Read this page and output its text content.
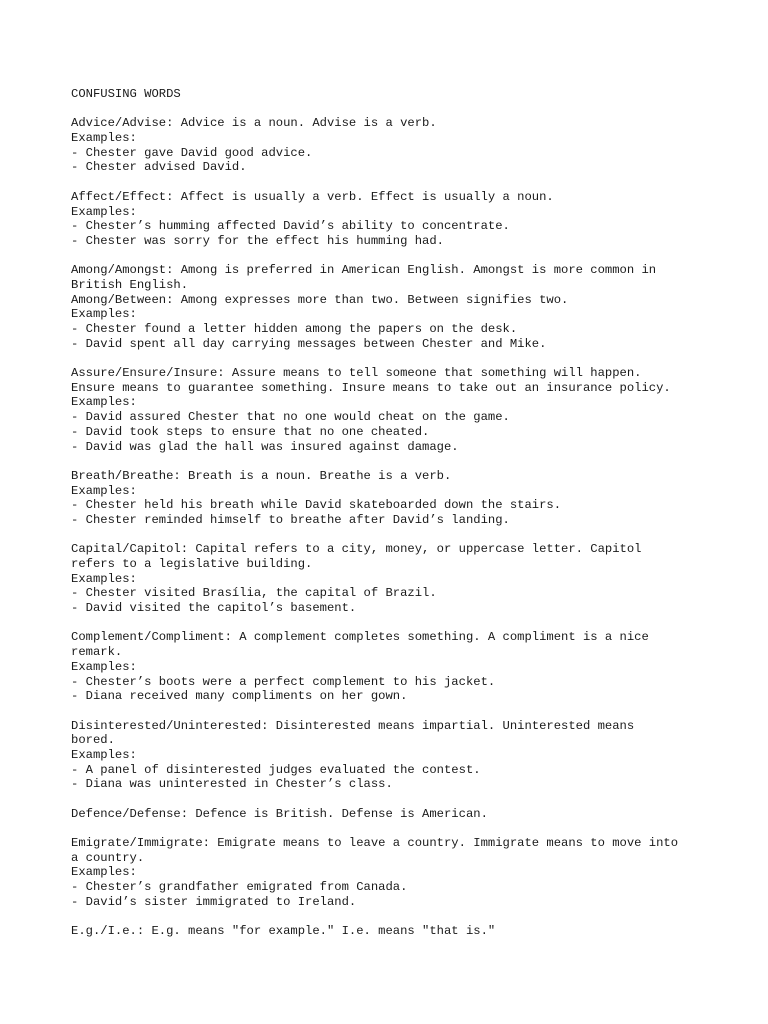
CONFUSING WORDS
Advice/Advise: Advice is a noun. Advise is a verb.
Examples:
- Chester gave David good advice.
- Chester advised David.
Affect/Effect: Affect is usually a verb. Effect is usually a noun.
Examples:
- Chester’s humming affected David’s ability to concentrate.
- Chester was sorry for the effect his humming had.
Among/Amongst: Among is preferred in American English. Amongst is more common in
British English.
Among/Between: Among expresses more than two. Between signifies two.
Examples:
- Chester found a letter hidden among the papers on the desk.
- David spent all day carrying messages between Chester and Mike.
Assure/Ensure/Insure: Assure means to tell someone that something will happen.
Ensure means to guarantee something. Insure means to take out an insurance policy.
Examples:
- David assured Chester that no one would cheat on the game.
- David took steps to ensure that no one cheated.
- David was glad the hall was insured against damage.
Breath/Breathe: Breath is a noun. Breathe is a verb.
Examples:
- Chester held his breath while David skateboarded down the stairs.
- Chester reminded himself to breathe after David’s landing.
Capital/Capitol: Capital refers to a city, money, or uppercase letter. Capitol
refers to a legislative building.
Examples:
- Chester visited Brasília, the capital of Brazil.
- David visited the capitol’s basement.
Complement/Compliment: A complement completes something. A compliment is a nice
remark.
Examples:
- Chester’s boots were a perfect complement to his jacket.
- Diana received many compliments on her gown.
Disinterested/Uninterested: Disinterested means impartial. Uninterested means
bored.
Examples:
- A panel of disinterested judges evaluated the contest.
- Diana was uninterested in Chester’s class.
Defence/Defense: Defence is British. Defense is American.
Emigrate/Immigrate: Emigrate means to leave a country. Immigrate means to move into
a country.
Examples:
- Chester’s grandfather emigrated from Canada.
- David’s sister immigrated to Ireland.
E.g./I.e.: E.g. means "for example." I.e. means "that is."
